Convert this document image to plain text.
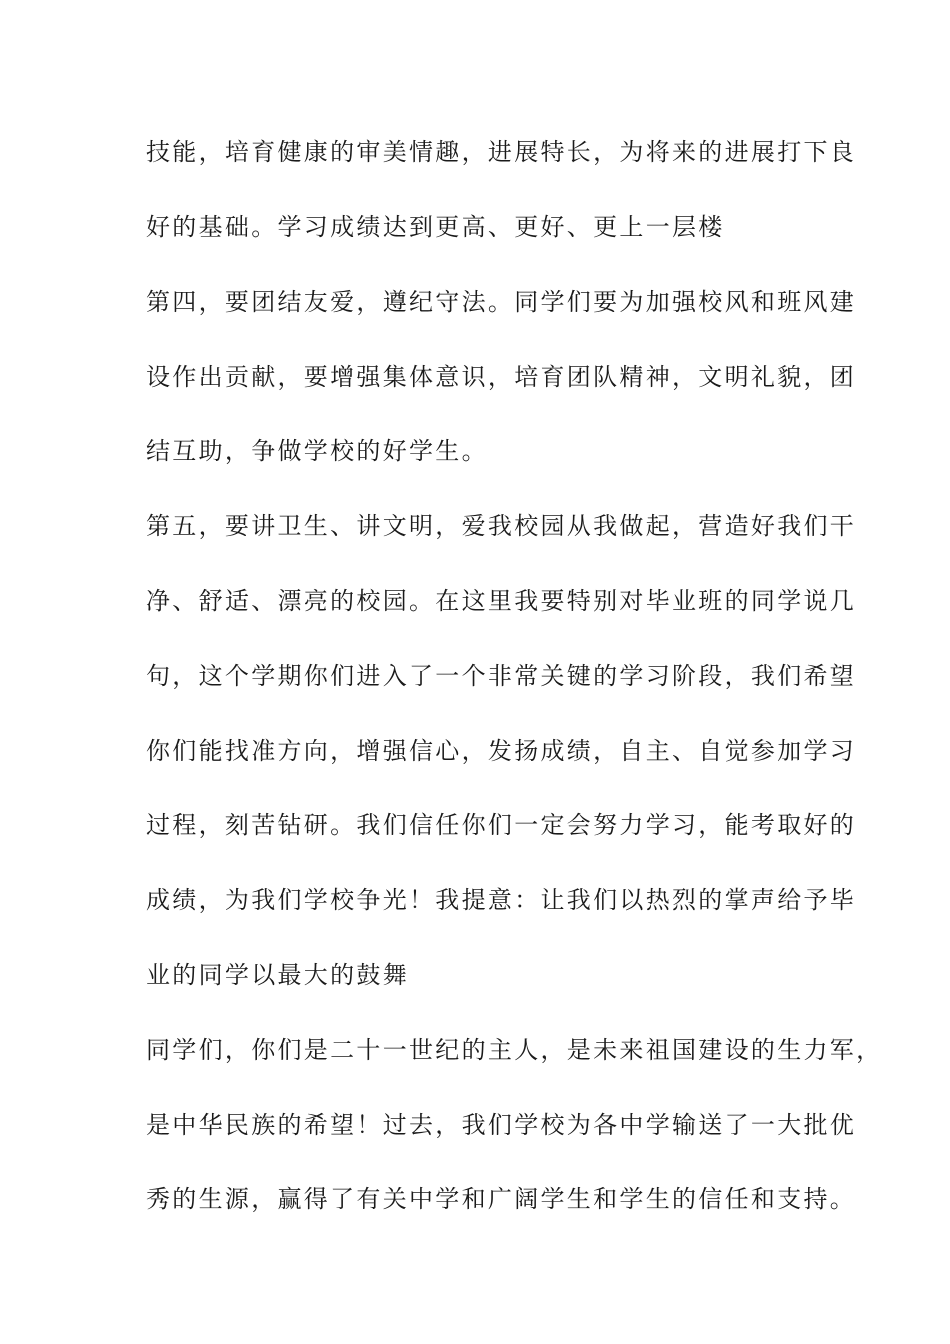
技能，培育健康的审美情趣，进展特长，为将来的进展打下良

好的基础。学习成绩达到更高、更好、更上一层楼

第四，要团结友爱，遵纪守法。同学们要为加强校风和班风建

设作出贡献，要增强集体意识，培育团队精神，文明礼貌，团

结互助，争做学校的好学生。

第五，要讲卫生、讲文明，爱我校园从我做起，营造好我们干

净、舒适、漂亮的校园。在这里我要特别对毕业班的同学说几

句，这个学期你们进入了一个非常关键的学习阶段，我们希望

你们能找准方向，增强信心，发扬成绩，自主、自觉参加学习

过程，刻苦钻研。我们信任你们一定会努力学习，能考取好的

成绩，为我们学校争光！我提意：让我们以热烈的掌声给予毕

业的同学以最大的鼓舞

同学们，你们是二十一世纪的主人，是未来祖国建设的生力军，

是中华民族的希望！过去，我们学校为各中学输送了一大批优

秀的生源，赢得了有关中学和广阔学生和学生的信任和支持。
